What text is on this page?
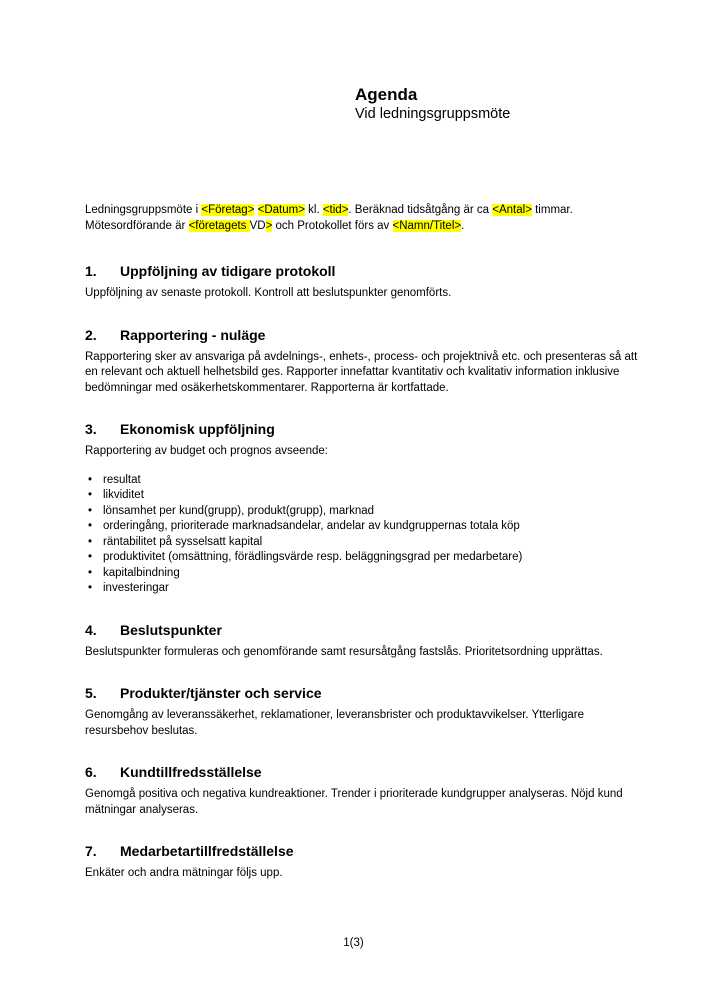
Agenda

Vid ledningsgruppsmöte

Ledningsgruppsmöte i <Företag> <Datum> kl. <tid>. Beräknad tidsåtgång är ca <Antal> timmar.

Mötesordförande är <företagets VD> och Protokollet förs av <Namn/Titel>.

1.	Uppföljning av tidigare protokoll

Uppföljning av senaste protokoll. Kontroll att beslutspunkter genomförts.

2.	Rapportering - nuläge

Rapportering sker av ansvariga på avdelnings-, enhets-, process- och projektnivå etc. och presenteras så att en relevant och aktuell helhetsbild ges. Rapporter innefattar kvantitativ och kvalitativ information inklusive bedömningar med osäkerhetskommentarer. Rapporterna är kortfattade.

3.	Ekonomisk uppföljning

Rapportering av budget och prognos avseende:

• resultat
• likviditet
• lönsamhet per kund(grupp), produkt(grupp), marknad
• orderingång, prioriterade marknadsandelar, andelar av kundgruppernas totala köp
• räntabilitet på sysselsatt kapital
• produktivitet (omsättning, förädlingsvärde resp. beläggningsgrad per medarbetare)
• kapitalbindning
• investeringar
4.	Beslutspunkter

Beslutspunkter formuleras och genomförande samt resursåtgång fastslås. Prioritetsordning upprättas.

5.	Produkter/tjänster och service

Genomgång av leveranssäkerhet, reklamationer, leveransbrister och produktavvikelser. Ytterligare resursbehov beslutas.

6.	Kundtillfredsställelse

Genomgå positiva och negativa kundreaktioner. Trender i prioriterade kundgrupper analyseras. Nöjd kund mätningar analyseras.

7.	Medarbetartillfredställelse

Enkäter och andra mätningar följs upp.

1(3)
